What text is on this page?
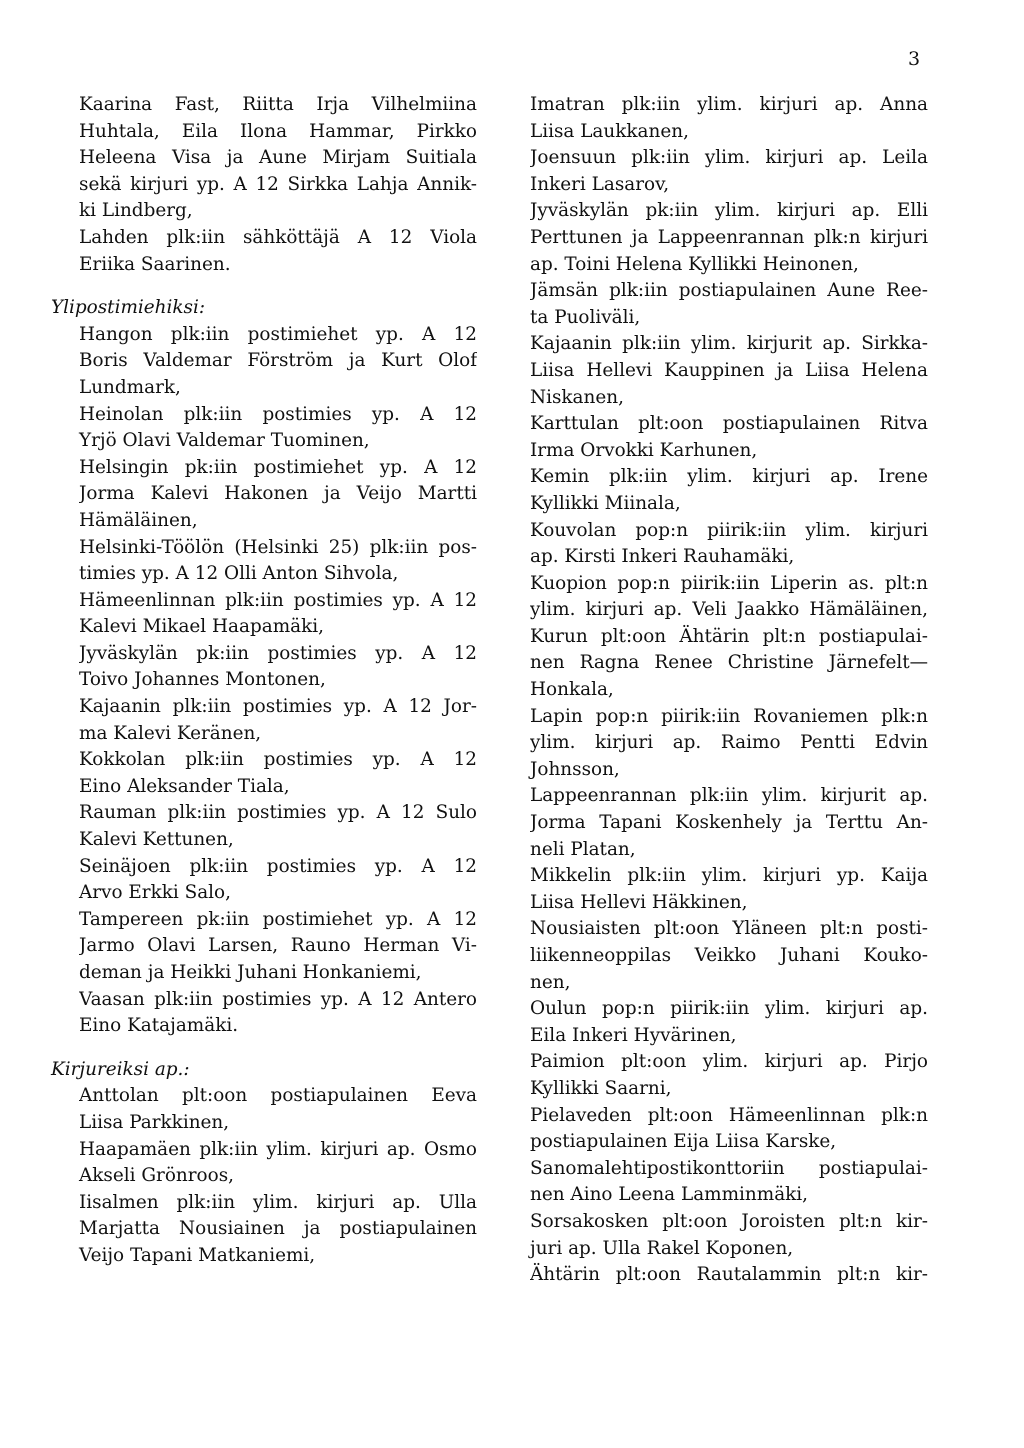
3
Kaarina Fast, Riitta Irja Vilhelmiina
Huhtala, Eila Ilona Hammar, Pirkko
Heleena Visa ja Aune Mirjam Suitiala
sekä kirjuri yp. A 12 Sirkka Lahja Annik-
ki Lindberg,
Lahden plk:iin sähköttäjä A 12 Viola
Eriika Saarinen.
Ylipostimiehiksi:
Hangon plk:iin postimiehet yp. A 12
Boris Valdemar Förström ja Kurt Olof
Lundmark,
Heinolan plk:iin postimies yp. A 12
Yrjö Olavi Valdemar Tuominen,
Helsingin pk:iin postimiehet yp. A 12
Jorma Kalevi Hakonen ja Veijo Martti
Hämäläinen,
Helsinki-Töölön (Helsinki 25) plk:iin pos-
timies yp. A 12 Olli Anton Sihvola,
Hämeenlinnan plk:iin postimies yp. A 12
Kalevi Mikael Haapamäki,
Jyväskylän pk:iin postimies yp. A 12
Toivo Johannes Montonen,
Kajaanin plk:iin postimies yp. A 12 Jor-
ma Kalevi Keränen,
Kokkolan plk:iin postimies yp. A 12
Eino Aleksander Tiala,
Rauman plk:iin postimies yp. A 12 Sulo
Kalevi Kettunen,
Seinäjoen plk:iin postimies yp. A 12
Arvo Erkki Salo,
Tampereen pk:iin postimiehet yp. A 12
Jarmo Olavi Larsen, Rauno Herman Vi-
deman ja Heikki Juhani Honkaniemi,
Vaasan plk:iin postimies yp. A 12 Antero
Eino Katajamäki.
Kirjureiksi ap.:
Anttolan plt:oon postiapulainen Eeva
Liisa Parkkinen,
Haapamäen plk:iin ylim. kirjuri ap. Osmo
Akseli Grönroos,
Iisalmen plk:iin ylim. kirjuri ap. Ulla
Marjatta Nousiainen ja postiapulainen
Veijo Tapani Matkaniemi,
Imatran plk:iin ylim. kirjuri ap. Anna
Liisa Laukkanen,
Joensuun plk:iin ylim. kirjuri ap. Leila
Inkeri Lasarov,
Jyväskylän pk:iin ylim. kirjuri ap. Elli
Perttunen ja Lappeenrannan plk:n kirjuri
ap. Toini Helena Kyllikki Heinonen,
Jämsän plk:iin postiapulainen Aune Ree-
ta Puoliväli,
Kajaanin plk:iin ylim. kirjurit ap. Sirkka-
Liisa Hellevi Kauppinen ja Liisa Helena
Niskanen,
Karttulan plt:oon postiapulainen Ritva
Irma Orvokki Karhunen,
Kemin plk:iin ylim. kirjuri ap. Irene
Kyllikki Miinala,
Kouvolan pop:n piirik:iin ylim. kirjuri
ap. Kirsti Inkeri Rauhamäki,
Kuopion pop:n piirik:iin Liperin as. plt:n
ylim. kirjuri ap. Veli Jaakko Hämäläinen,
Kurun plt:oon Ähtärin plt:n postiapulai-
nen Ragna Renee Christine Järnefelt—
Honkala,
Lapin pop:n piirik:iin Rovaniemen plk:n
ylim. kirjuri ap. Raimo Pentti Edvin
Johnsson,
Lappeenrannan plk:iin ylim. kirjurit ap.
Jorma Tapani Koskenhely ja Terttu An-
neli Platan,
Mikkelin plk:iin ylim. kirjuri yp. Kaija
Liisa Hellevi Häkkinen,
Nousiaisten plt:oon Yläneen plt:n posti-
liikenneoppilas Veikko Juhani Kouko-
nen,
Oulun pop:n piirik:iin ylim. kirjuri ap.
Eila Inkeri Hyvärinen,
Paimion plt:oon ylim. kirjuri ap. Pirjo
Kyllikki Saarni,
Pielaveden plt:oon Hämeenlinnan plk:n
postiapulainen Eija Liisa Karske,
Sanomalehtipostikonttoriin postiapulai-
nen Aino Leena Lamminmäki,
Sorsakosken plt:oon Joroisten plt:n kir-
juri ap. Ulla Rakel Koponen,
Ähtärin plt:oon Rautalammin plt:n kir-
